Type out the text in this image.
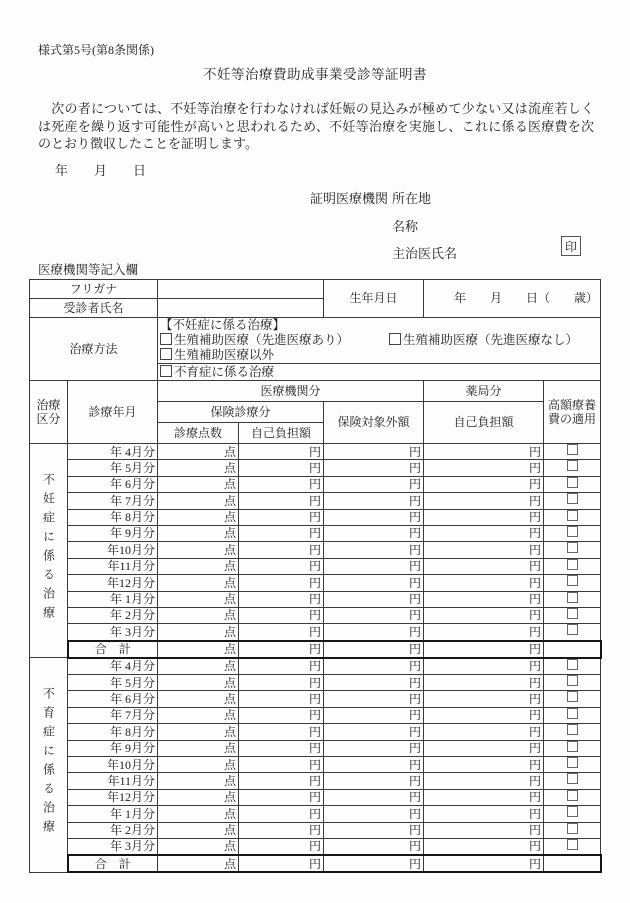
様式第5号(第8条関係)
不妊等治療費助成事業受診等証明書

　次の者については、不妊等治療を行わなければ妊娠の見込みが極めて少ない又は流産若しくは死産を繰り返す可能性が高いと思われるため、不妊等治療を実施し、これに係る医療費を次のとおり徴収したことを証明します。

年　　月　　日
証明医療機関 所在地
名称
主治医氏名	印
医療機関等記入欄
フリガナ				生年月日	年　　月　　日（　　歳）	
受診者氏名						
治療方法		【不妊症に係る治療】
生殖補助医療（先進医療あり） 生殖補助医療（先進医療なし）
生殖補助医療以外				

		不育症に係る治療				
治療区分	診療年月	医療機関分			薬局分	高額療養費の適用
		保険診療分		保険対象外額	自己負担額	
		診療点数	自己負担額			
不妊症に係る治療	年 4月分	点	円	円	円	
	年 5月分	点	円	円	円	
	年 6月分	点	円	円	円	
	年 7月分	点	円	円	円	
	年 8月分	点	円	円	円	
	年 9月分	点	円	円	円	
	年10月分	点	円	円	円	
	年11月分	点	円	円	円	
	年12月分	点	円	円	円	
	年 1月分	点	円	円	円	
	年 2月分	点	円	円	円	
	年 3月分	点	円	円	円	
	合　計	点	円	円	円	
不育症に係る治療	年 4月分	点	円	円	円	
	年 5月分	点	円	円	円	
	年 6月分	点	円	円	円	
	年 7月分	点	円	円	円	
	年 8月分	点	円	円	円	
	年 9月分	点	円	円	円	
	年10月分	点	円	円	円	
	年11月分	点	円	円	円	
	年12月分	点	円	円	円	
	年 1月分	点	円	円	円	
	年 2月分	点	円	円	円	
	年 3月分	点	円	円	円	
	合　計	点	円	円	円	
